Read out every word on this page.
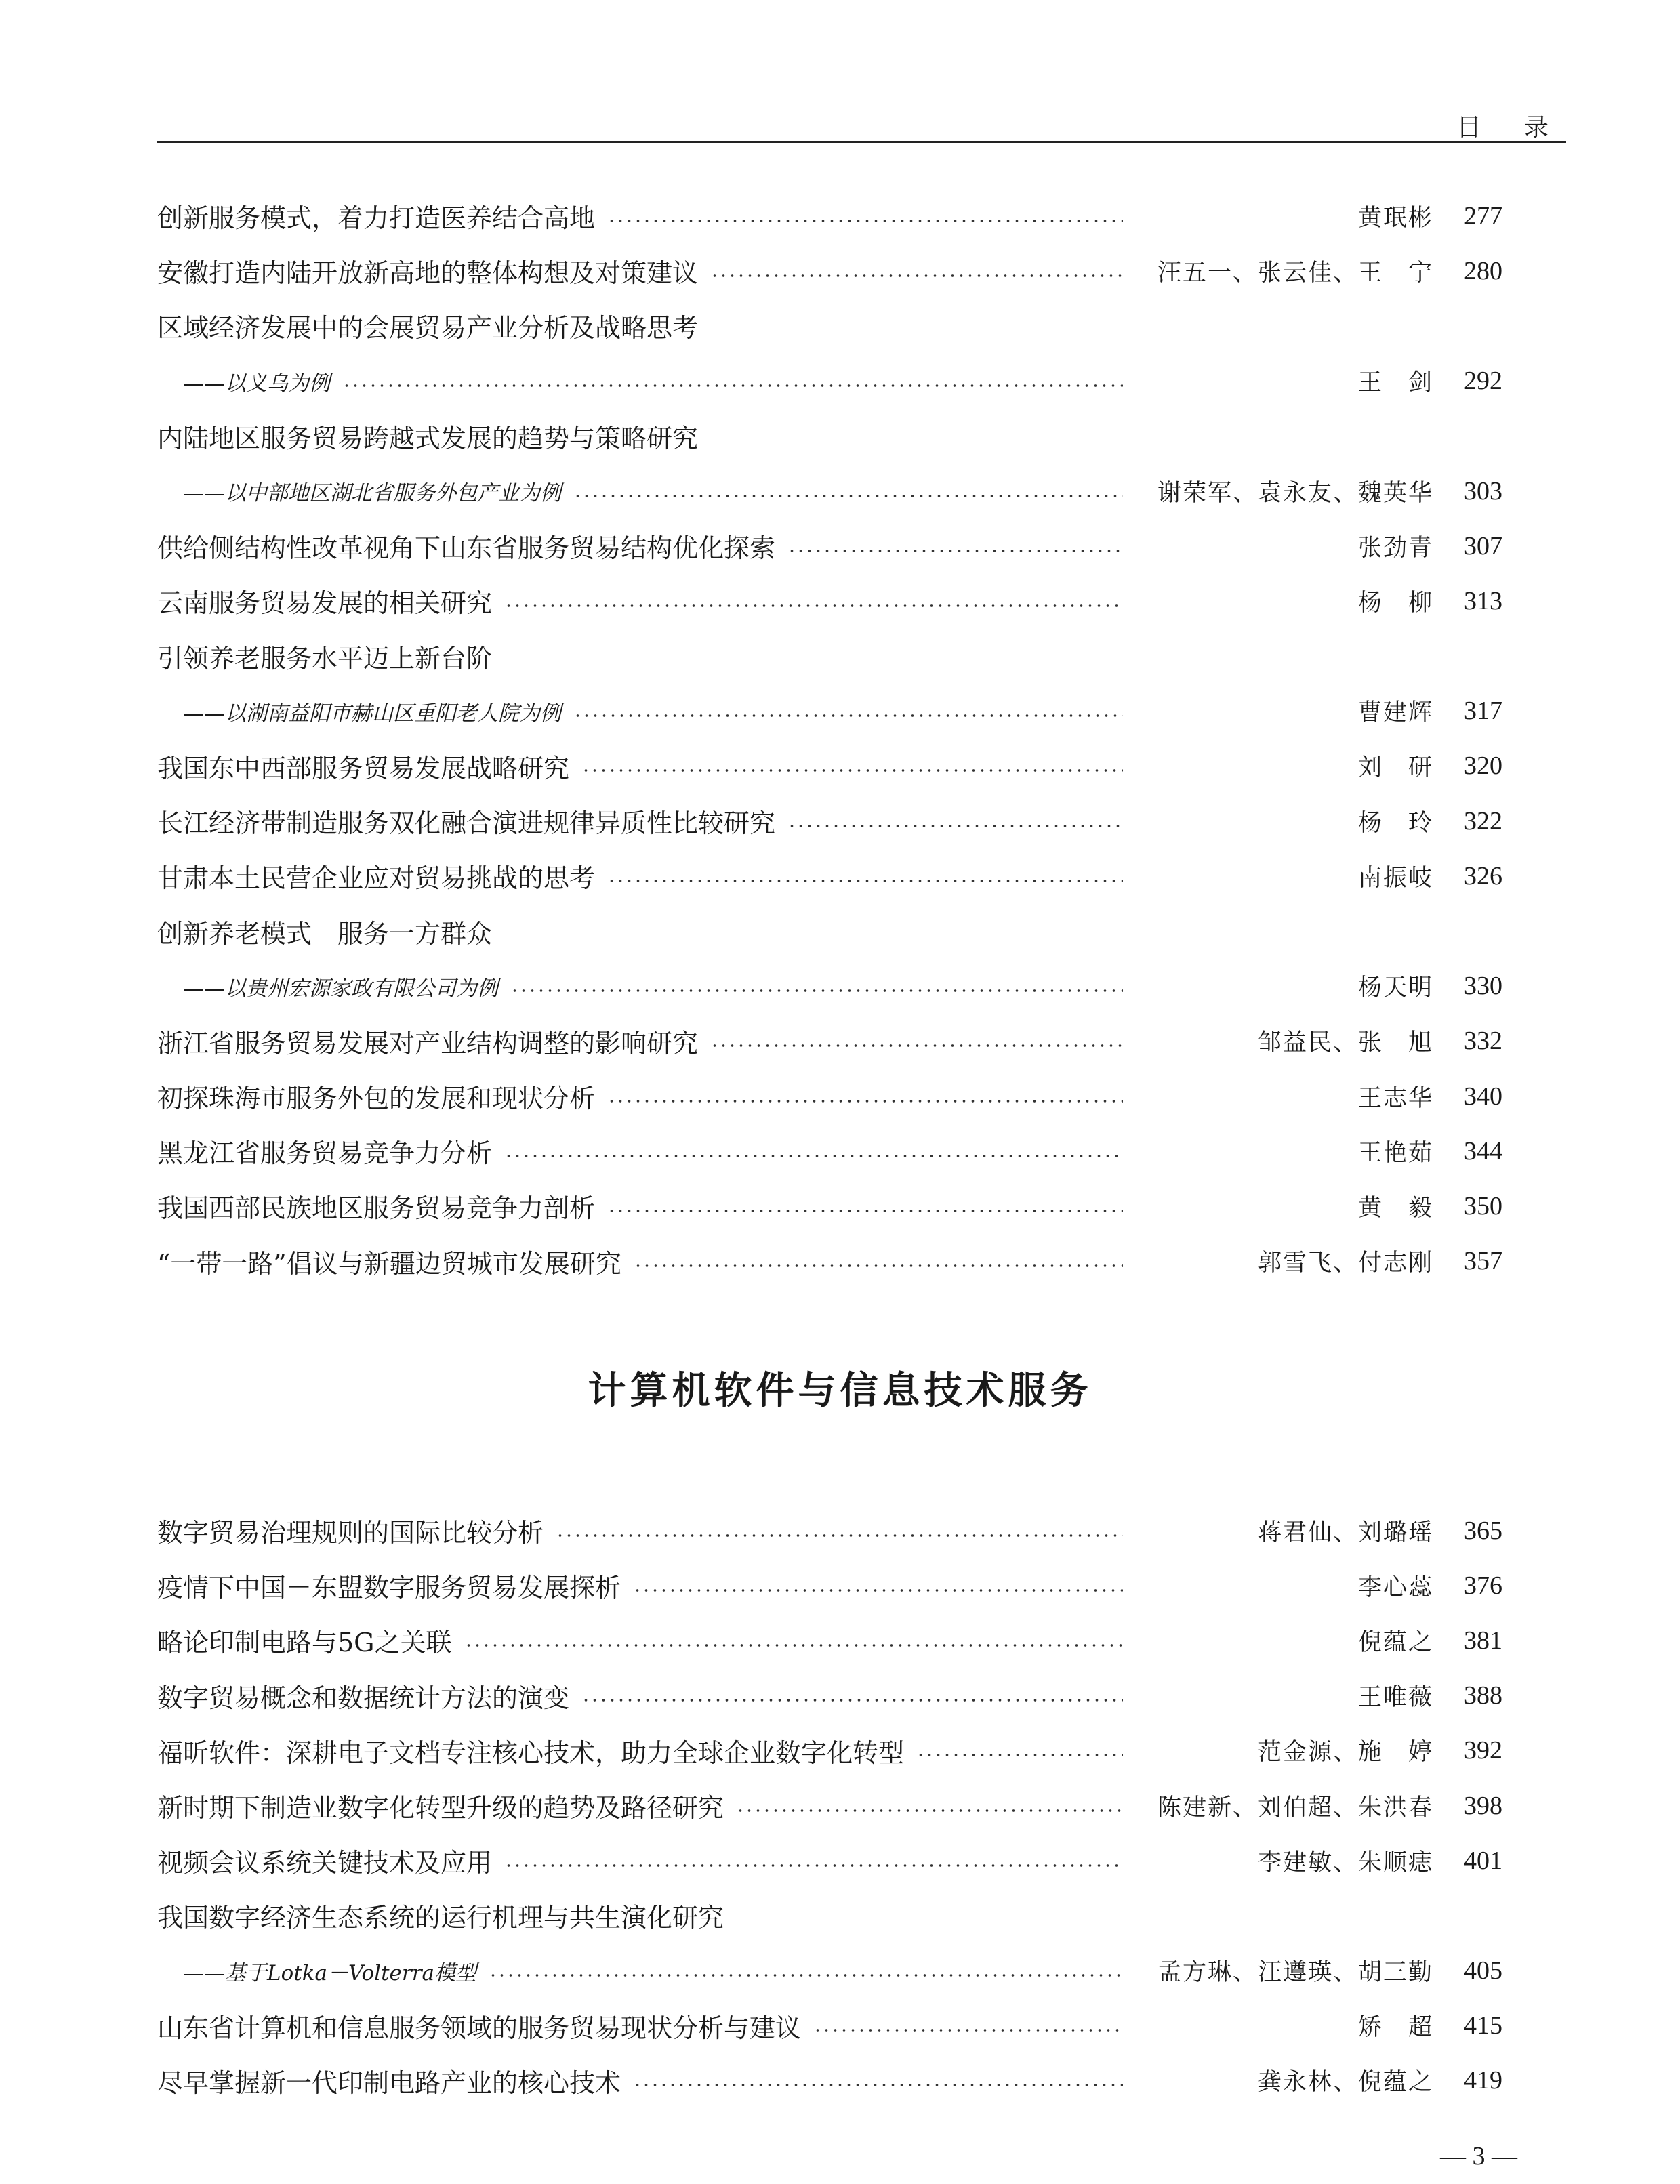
目 录
创新服务模式，着力打造医养结合高地	黄珉彬	277
安徽打造内陆开放新高地的整体构想及对策建议	汪五一、张云佳、王　宁	280
区域经济发展中的会展贸易产业分析及战略思考
——以义乌为例	王　剑	292
内陆地区服务贸易跨越式发展的趋势与策略研究
——以中部地区湖北省服务外包产业为例	谢荣军、袁永友、魏英华	303
供给侧结构性改革视角下山东省服务贸易结构优化探索	张劲青	307
云南服务贸易发展的相关研究	杨　柳	313
引领养老服务水平迈上新台阶
——以湖南益阳市赫山区重阳老人院为例	曹建辉	317
我国东中西部服务贸易发展战略研究	刘　研	320
长江经济带制造服务双化融合演进规律异质性比较研究	杨　玲	322
甘肃本土民营企业应对贸易挑战的思考	南振岐	326
创新养老模式　服务一方群众
——以贵州宏源家政有限公司为例	杨天明	330
浙江省服务贸易发展对产业结构调整的影响研究	邹益民、张　旭	332
初探珠海市服务外包的发展和现状分析	王志华	340
黑龙江省服务贸易竞争力分析	王艳茹	344
我国西部民族地区服务贸易竞争力剖析	黄　毅	350
“一带一路”倡议与新疆边贸城市发展研究	郭雪飞、付志刚	357
计算机软件与信息技术服务
数字贸易治理规则的国际比较分析	蒋君仙、刘璐瑶	365
疫情下中国－东盟数字服务贸易发展探析	李心蕊	376
略论印制电路与5G之关联	倪蕴之	381
数字贸易概念和数据统计方法的演变	王唯薇	388
福昕软件：深耕电子文档专注核心技术，助力全球企业数字化转型	范金源、施　婷	392
新时期下制造业数字化转型升级的趋势及路径研究	陈建新、刘伯超、朱洪春	398
视频会议系统关键技术及应用	李建敏、朱顺痣	401
我国数字经济生态系统的运行机理与共生演化研究
——基于Lotka－Volterra模型	孟方琳、汪遵瑛、胡三勤	405
山东省计算机和信息服务领域的服务贸易现状分析与建议	矫　超	415
尽早掌握新一代印制电路产业的核心技术	龚永林、倪蕴之	419
— 3 —
